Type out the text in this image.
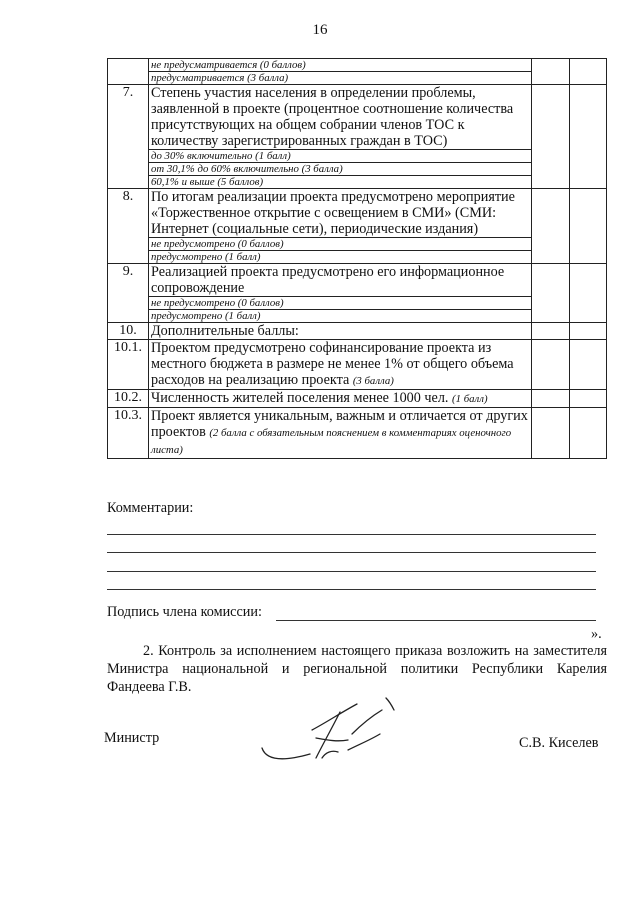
16

	не предусматривается (0 баллов)
предусматривается (3 балла)		

7.	Степень участия населения в определении проблемы, заявленной в проекте (процентное соотношение количества присутствующих на общем собрании членов ТОС к количеству зарегистрированных граждан в ТОС)
до 30% включительно (1 балл)
от 30,1% до 60% включительно (3 балла)
60,1% и выше (5 баллов)		

8.	По итогам реализации проекта предусмотрено мероприятие «Торжественное открытие с освещением в СМИ» (СМИ: Интернет (социальные сети), периодические издания)
не предусмотрено (0 баллов)
предусмотрено (1 балл)		

9.	Реализацией проекта предусмотрено его информационное сопровождение
не предусмотрено (0 баллов)
предусмотрено (1 балл)		

10.	Дополнительные баллы:		

10.1.	Проектом предусмотрено софинансирование проекта из местного бюджета в размере не менее 1% от общего объема расходов на реализацию проекта (3 балла)		

10.2.	Численность жителей поселения менее 1000 чел. (1 балл)		

10.3.	Проект является уникальным, важным и отличается от других проектов (2 балла с обязательным пояснением в комментариях оценочного листа)		

Комментарии:
Подпись члена комиссии:
».
2. Контроль за исполнением настоящего приказа возложить на заместителя Министра национальной и региональной политики Республики Карелия Фандеева Г.В.
Министр	С.В. Киселев
